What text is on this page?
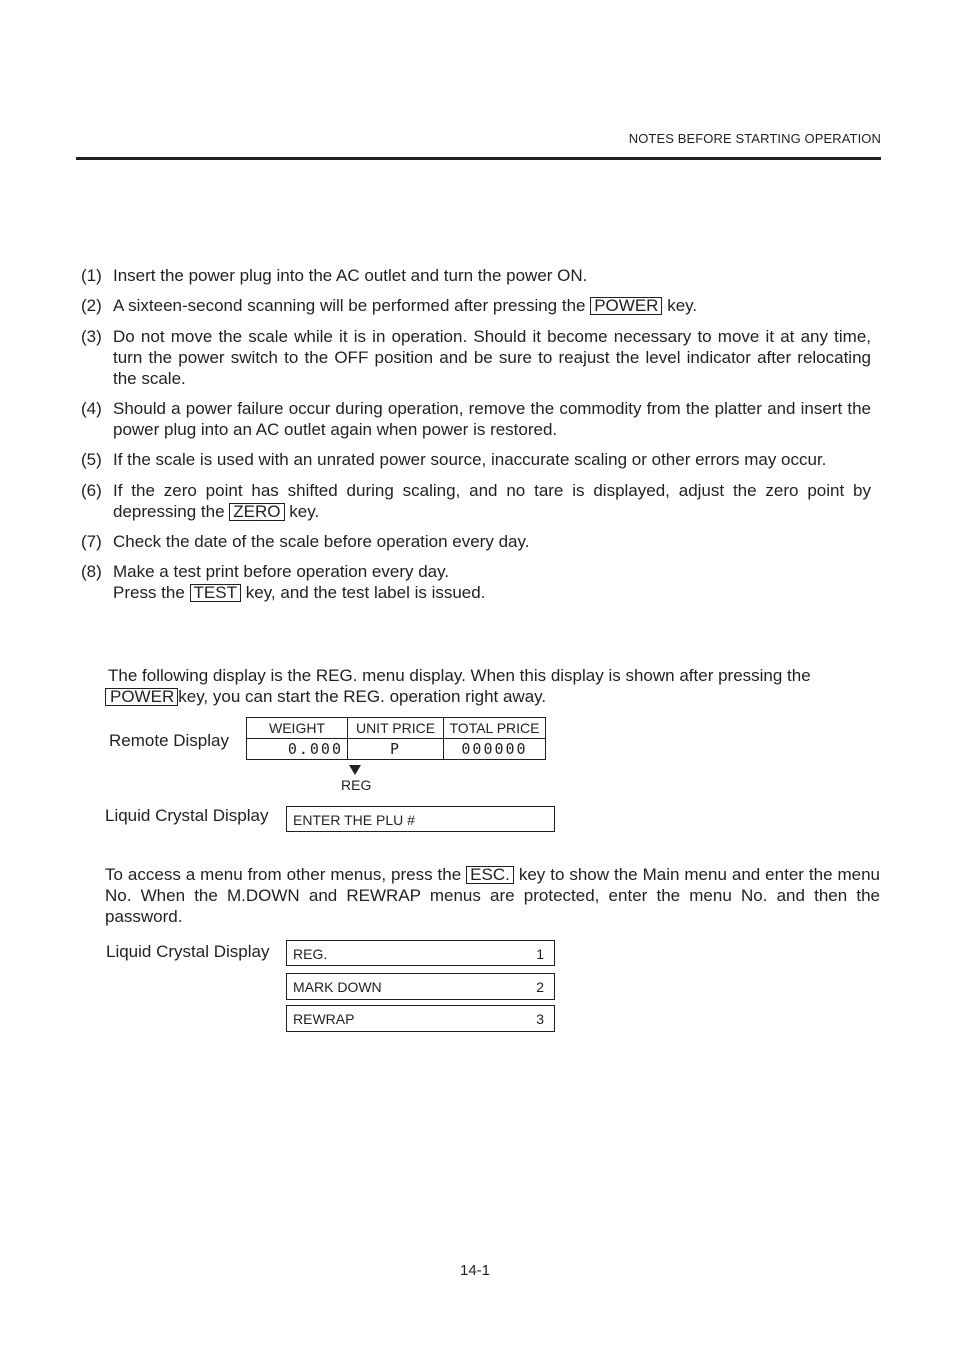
NOTES BEFORE STARTING OPERATION
(1) Insert the power plug into the AC outlet and turn the power ON.
(2) A sixteen-second scanning will be performed after pressing the POWER key.
(3) Do not move the scale while it is in operation. Should it become necessary to move it at any time, turn the power switch to the OFF position and be sure to reajust the level indicator after relocating the scale.
(4) Should a power failure occur during operation, remove the commodity from the platter and insert the power plug into an AC outlet again when power is restored.
(5) If the scale is used with an unrated power source, inaccurate scaling or other errors may occur.
(6) If the zero point has shifted during scaling, and no tare is displayed, adjust the zero point by depressing the ZERO key.
(7) Check the date of the scale before operation every day.
(8) Make a test print before operation every day.
Press the TEST key, and the test label is issued.
The following display is the REG. menu display. When this display is shown after pressing the
POWER key, you can start the REG. operation right away.
Remote Display
WEIGHT	UNIT PRICE	TOTAL PRICE
0.000	P	000000
REG
Liquid Crystal Display ENTER THE PLU #
To access a menu from other menus, press the ESC. key to show the Main menu and enter the menu No. When the M.DOWN and REWRAP menus are protected, enter the menu No. and then the password.
Liquid Crystal Display REG.	1
MARK DOWN	2
REWRAP	3
14-1
